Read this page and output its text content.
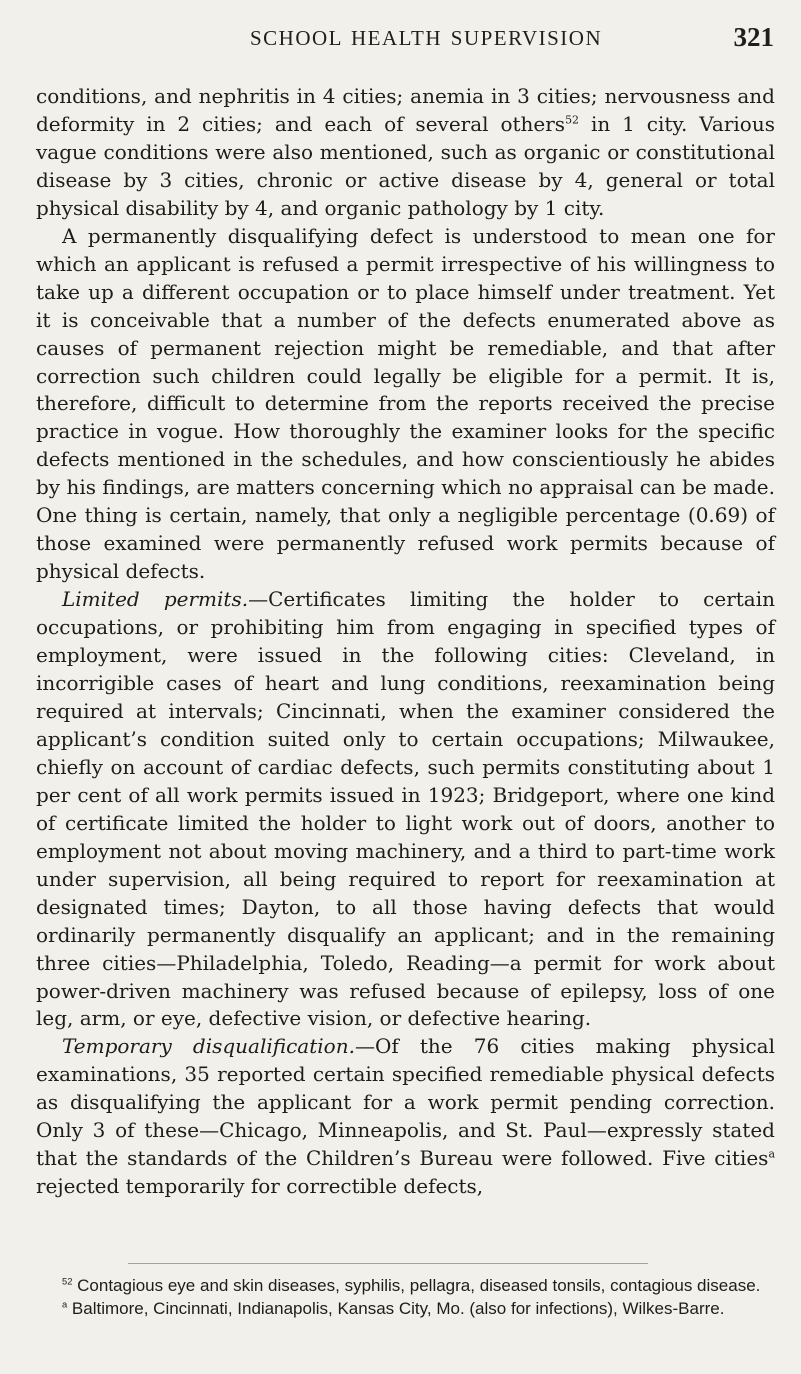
SCHOOL HEALTH SUPERVISION	321

conditions, and nephritis in 4 cities; anemia in 3 cities; nervousness and deformity in 2 cities; and each of several others$^{52}$ in 1 city. Various vague conditions were also mentioned, such as organic or constitutional disease by 3 cities, chronic or active disease by 4, general or total physical disability by 4, and organic pathology by 1 city.

A permanently disqualifying defect is understood to mean one for which an applicant is refused a permit irrespective of his willingness to take up a different occupation or to place himself under treatment. Yet it is conceivable that a number of the defects enumerated above as causes of permanent rejection might be remediable, and that after correction such children could legally be eligible for a permit. It is, therefore, difficult to determine from the reports received the precise practice in vogue. How thoroughly the examiner looks for the specific defects mentioned in the schedules, and how conscientiously he abides by his findings, are matters concerning which no appraisal can be made. One thing is certain, namely, that only a negligible percentage (0.69) of those examined were permanently refused work permits because of physical defects.

Limited permits.—Certificates limiting the holder to certain occupations, or prohibiting him from engaging in specified types of employment, were issued in the following cities: Cleveland, in incorrigible cases of heart and lung conditions, reexamination being required at intervals; Cincinnati, when the examiner considered the applicant’s condition suited only to certain occupations; Milwaukee, chiefly on account of cardiac defects, such permits constituting about 1 per cent of all work permits issued in 1923; Bridgeport, where one kind of certificate limited the holder to light work out of doors, another to employment not about moving machinery, and a third to part-time work under supervision, all being required to report for reexamination at designated times; Dayton, to all those having defects that would ordinarily permanently disqualify an applicant; and in the remaining three cities—Philadelphia, Toledo, Reading—a permit for work about power-driven machinery was refused because of epilepsy, loss of one leg, arm, or eye, defective vision, or defective hearing.

Temporary disqualification.—Of the 76 cities making physical examinations, 35 reported certain specified remediable physical defects as disqualifying the applicant for a work permit pending correction. Only 3 of these—Chicago, Minneapolis, and St. Paul—expressly stated that the standards of the Children’s Bureau were followed. Five cities$^a$ rejected temporarily for correctible defects,

$^{52}$ Contagious eye and skin diseases, syphilis, pellagra, diseased tonsils, contagious disease.

$^a$ Baltimore, Cincinnati, Indianapolis, Kansas City, Mo. (also for infections), Wilkes-Barre.
